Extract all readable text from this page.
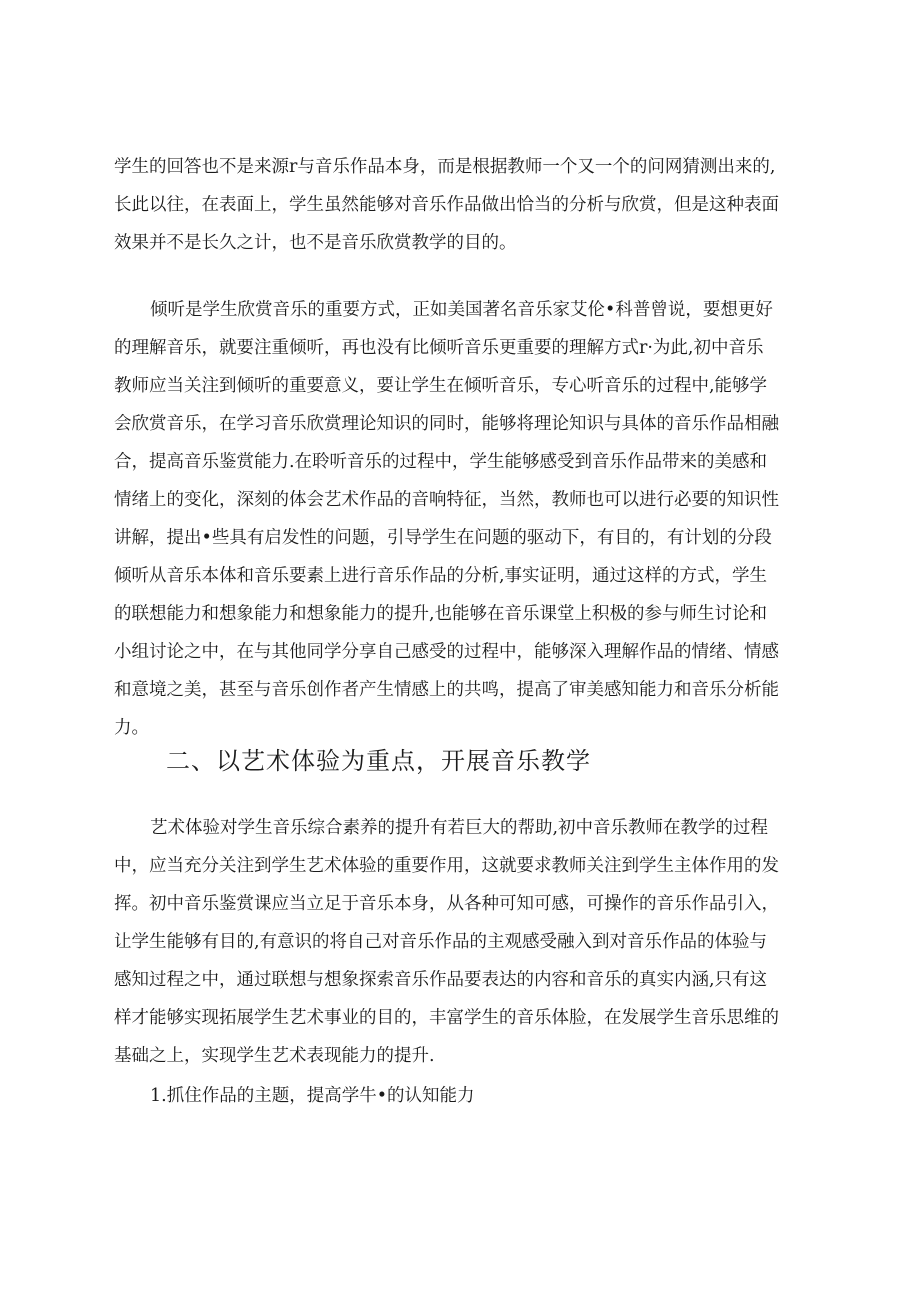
学生的回答也不是来源r与音乐作品本身，而是根据教师一个又一个的问网猜测出来的,
长此以往，在表面上，学生虽然能够对音乐作品做出恰当的分析与欣赏，但是这种表面
效果并不是长久之计，也不是音乐欣赏教学的目的。
倾听是学生欣赏音乐的重要方式，正如美国著名音乐家艾伦•科普曾说，要想更好
的理解音乐，就要注重倾听，再也没有比倾听音乐更重要的理解方式r·为此,初中音乐
教师应当关注到倾听的重要意义，要让学生在倾听音乐，专心听音乐的过程中,能够学
会欣赏音乐，在学习音乐欣赏理论知识的同时，能够将理论知识与具体的音乐作品相融
合，提高音乐鉴赏能力.在聆听音乐的过程中，学生能够感受到音乐作品带来的美感和
情绪上的变化，深刻的体会艺术作品的音响特征，当然，教师也可以进行必要的知识性
讲解，提出•些具有启发性的问题，引导学生在问题的驱动下，有目的，有计划的分段
倾听从音乐本体和音乐要素上进行音乐作品的分析,事实证明，通过这样的方式，学生
的联想能力和想象能力和想象能力的提升,也能够在音乐课堂上积极的参与师生讨论和
小组讨论之中，在与其他同学分享自己感受的过程中，能够深入理解作品的情绪、情感
和意境之美，甚至与音乐创作者产生情感上的共鸣，提高了审美感知能力和音乐分析能
力。
二、以艺术体验为重点，开展音乐教学
艺术体验对学生音乐综合素养的提升有若巨大的帮助,初中音乐教师在教学的过程
中，应当充分关注到学生艺术体验的重要作用，这就要求教师关注到学生主体作用的发
挥。初中音乐鉴赏课应当立足于音乐本身，从各种可知可感，可操作的音乐作品引入，
让学生能够有目的,有意识的将自己对音乐作品的主观感受融入到对音乐作品的体验与
感知过程之中，通过联想与想象探索音乐作品要表达的内容和音乐的真实内涵,只有这
样才能够实现拓展学生艺术事业的目的，丰富学生的音乐体脸，在发展学生音乐思维的
基础之上，实现学生艺术表现能力的提升.
1.抓住作品的主题，提高学牛•的认知能力
